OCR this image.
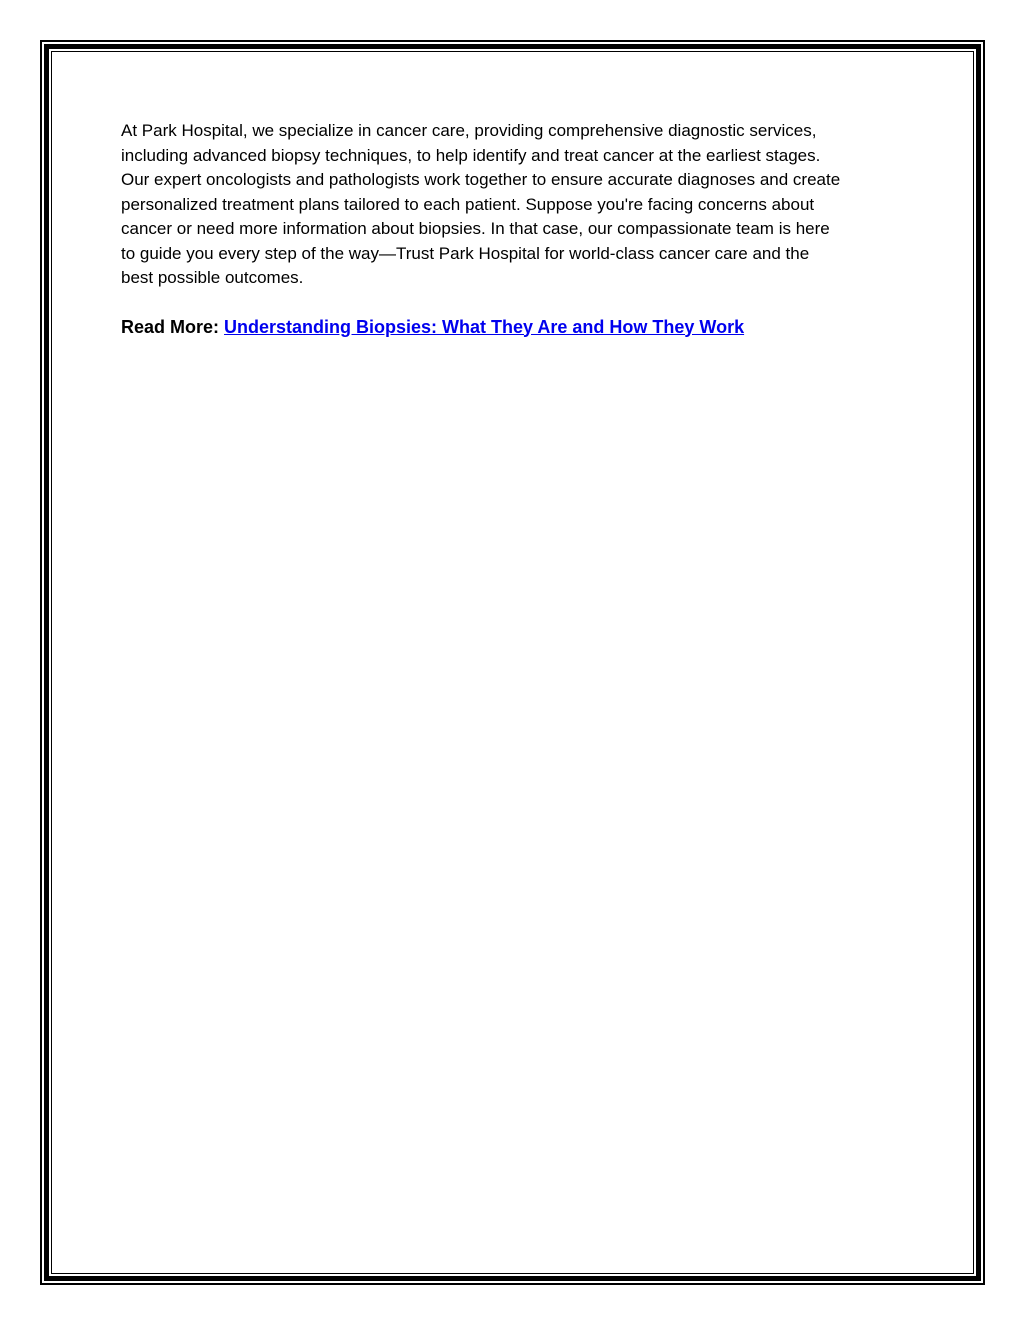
At Park Hospital, we specialize in cancer care, providing comprehensive diagnostic services,
including advanced biopsy techniques, to help identify and treat cancer at the earliest stages.
Our expert oncologists and pathologists work together to ensure accurate diagnoses and create
personalized treatment plans tailored to each patient. Suppose you're facing concerns about
cancer or need more information about biopsies. In that case, our compassionate team is here
to guide you every step of the way—Trust Park Hospital for world-class cancer care and the
best possible outcomes.

Read More: Understanding Biopsies: What They Are and How They Work
